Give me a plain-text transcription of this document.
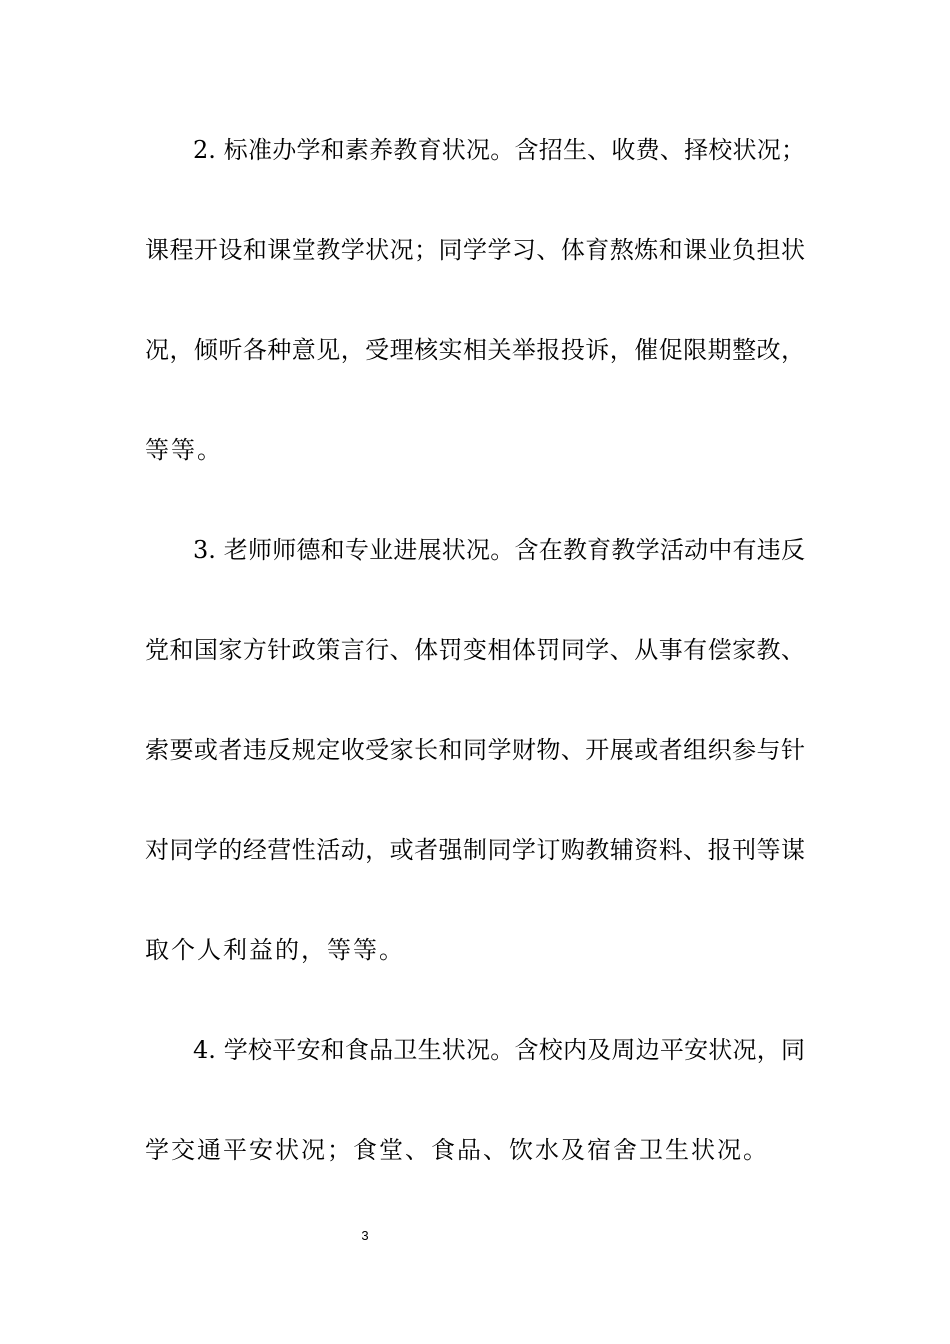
2. 标准办学和素养教育状况。含招生、收费、择校状况；
课程开设和课堂教学状况；同学学习、体育熬炼和课业负担状
况，倾听各种意见，受理核实相关举报投诉，催促限期整改，
等等。
3. 老师师德和专业进展状况。含在教育教学活动中有违反
党和国家方针政策言行、体罚变相体罚同学、从事有偿家教、
索要或者违反规定收受家长和同学财物、开展或者组织参与针
对同学的经营性活动，或者强制同学订购教辅资料、报刊等谋
取个人利益的，等等。
4. 学校平安和食品卫生状况。含校内及周边平安状况，同
学交通平安状况；食堂、食品、饮水及宿舍卫生状况。
3
